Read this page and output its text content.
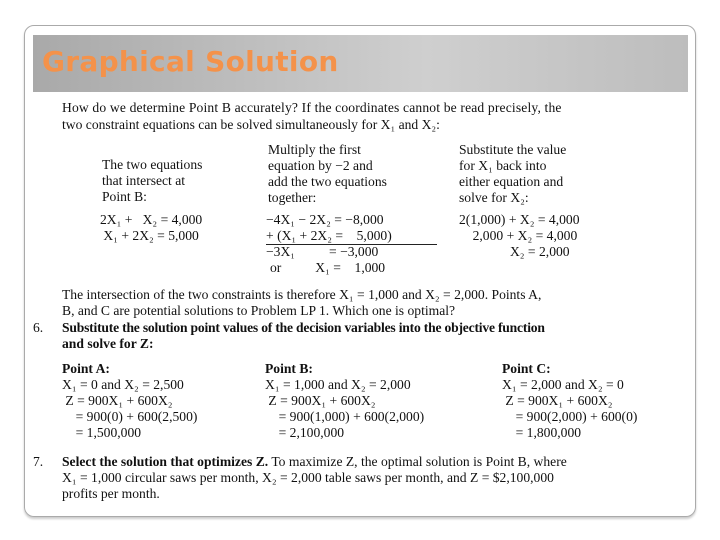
Graphical Solution
How do we determine Point B accurately? If the coordinates cannot be read precisely, the
two constraint equations can be solved simultaneously for X₁ and X₂:
The two equations
that intersect at
Point B:
Multiply the first
equation by −2 and
add the two equations
together:
Substitute the value
for X₁ back into
either equation and
solve for X₂:
2X₁ +   X₂ = 4,000
X₁ + 2X₂ = 5,000
−4X₁ − 2X₂ = −8,000
+ (X₁ + 2X₂ =    5,000)
−3X₁          = −3,000
or          X₁ =    1,000
2(1,000) + X₂ = 4,000
2,000 + X₂ = 4,000
X₂ = 2,000
The intersection of the two constraints is therefore X₁ = 1,000 and X₂ = 2,000. Points A,
B, and C are potential solutions to Problem LP 1. Which one is optimal?
6. Substitute the solution point values of the decision variables into the objective function
and solve for Z:
Point A:
X₁ = 0 and X₂ = 2,500
Z = 900X₁ + 600X₂
= 900(0) + 600(2,500)
= 1,500,000
Point B:
X₁ = 1,000 and X₂ = 2,000
Z = 900X₁ + 600X₂
= 900(1,000) + 600(2,000)
= 2,100,000
Point C:
X₁ = 2,000 and X₂ = 0
Z = 900X₁ + 600X₂
= 900(2,000) + 600(0)
= 1,800,000
7. Select the solution that optimizes Z. To maximize Z, the optimal solution is Point B, where
X₁ = 1,000 circular saws per month, X₂ = 2,000 table saws per month, and Z = $2,100,000
profits per month.
